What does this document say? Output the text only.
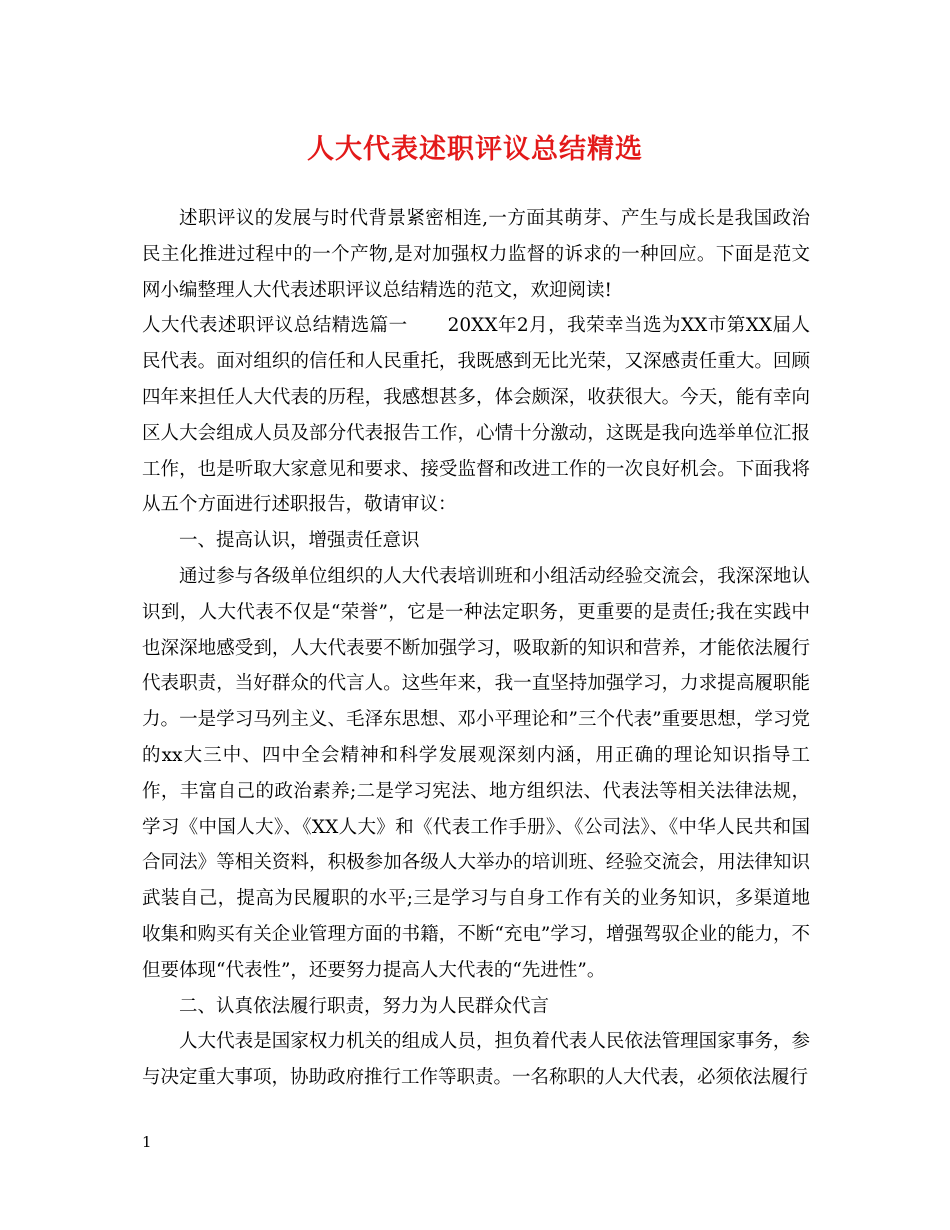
人大代表述职评议总结精选

述职评议的发展与时代背景紧密相连,一方面其萌芽、产生与成长是我国政治民主化推进过程中的一个产物,是对加强权力监督的诉求的一种回应。下面是范文网小编整理人大代表述职评议总结精选的范文，欢迎阅读!

人大代表述职评议总结精选篇一 20XX年2月，我荣幸当选为XX市第XX届人民代表。面对组织的信任和人民重托，我既感到无比光荣，又深感责任重大。回顾四年来担任人大代表的历程，我感想甚多，体会颇深，收获很大。今天，能有幸向区人大会组成人员及部分代表报告工作，心情十分激动，这既是我向选举单位汇报工作，也是听取大家意见和要求、接受监督和改进工作的一次良好机会。下面我将从五个方面进行述职报告，敬请审议：

一、提高认识，增强责任意识

通过参与各级单位组织的人大代表培训班和小组活动经验交流会，我深深地认识到，人大代表不仅是“荣誉”，它是一种法定职务，更重要的是责任;我在实践中也深深地感受到，人大代表要不断加强学习，吸取新的知识和营养，才能依法履行代表职责，当好群众的代言人。这些年来，我一直坚持加强学习，力求提高履职能力。一是学习马列主义、毛泽东思想、邓小平理论和”三个代表”重要思想，学习党的xx大三中、四中全会精神和科学发展观深刻内涵，用正确的理论知识指导工作，丰富自己的政治素养;二是学习宪法、地方组织法、代表法等相关法律法规，学习《中国人大》、《XX人大》和《代表工作手册》、《公司法》、《中华人民共和国合同法》等相关资料，积极参加各级人大举办的培训班、经验交流会，用法律知识武装自己，提高为民履职的水平;三是学习与自身工作有关的业务知识，多渠道地收集和购买有关企业管理方面的书籍，不断“充电”学习，增强驾驭企业的能力，不但要体现“代表性”，还要努力提高人大代表的“先进性”。

二、认真依法履行职责，努力为人民群众代言

人大代表是国家权力机关的组成人员，担负着代表人民依法管理国家事务，参与决定重大事项，协助政府推行工作等职责。一名称职的人大代表，必须依法履行

1
